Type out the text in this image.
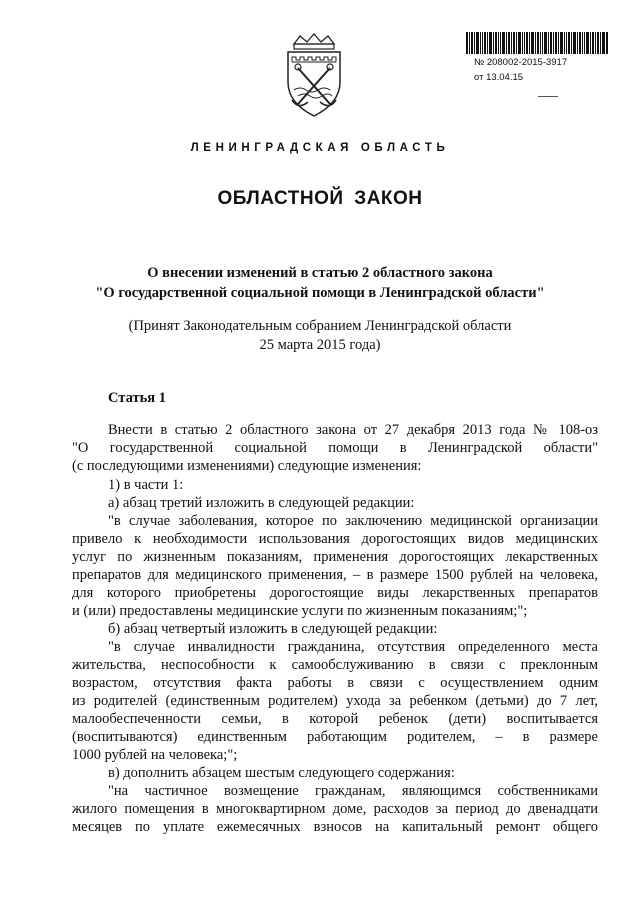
№ 208002-2015-3917
от 13.04.15
ЛЕНИНГРАДСКАЯ ОБЛАСТЬ
ОБЛАСТНОЙ ЗАКОН
О внесении изменений в статью 2 областного закона
"О государственной социальной помощи в Ленинградской области"
(Принят Законодательным собранием Ленинградской области
25 марта 2015 года)
Статья 1
Внести в статью 2 областного закона от 27 декабря 2013 года № 108-оз
"О государственной социальной помощи в Ленинградской области"
(с последующими изменениями) следующие изменения:
1) в части 1:
а) абзац третий изложить в следующей редакции:
"в случае заболевания, которое по заключению медицинской организации
привело к необходимости использования дорогостоящих видов медицинских
услуг по жизненным показаниям, применения дорогостоящих лекарственных
препаратов для медицинского применения, – в размере 1500 рублей на человека,
для которого приобретены дорогостоящие виды лекарственных препаратов
и (или) предоставлены медицинские услуги по жизненным показаниям;";
б) абзац четвертый изложить в следующей редакции:
"в случае инвалидности гражданина, отсутствия определенного места
жительства, неспособности к самообслуживанию в связи с преклонным
возрастом, отсутствия факта работы в связи с осуществлением одним
из родителей (единственным родителем) ухода за ребенком (детьми) до 7 лет,
малообеспеченности семьи, в которой ребенок (дети) воспитывается
(воспитываются) единственным работающим родителем, – в размере
1000 рублей на человека;";
в) дополнить абзацем шестым следующего содержания:
"на частичное возмещение гражданам, являющимся собственниками
жилого помещения в многоквартирном доме, расходов за период до двенадцати
месяцев по уплате ежемесячных взносов на капитальный ремонт общего
